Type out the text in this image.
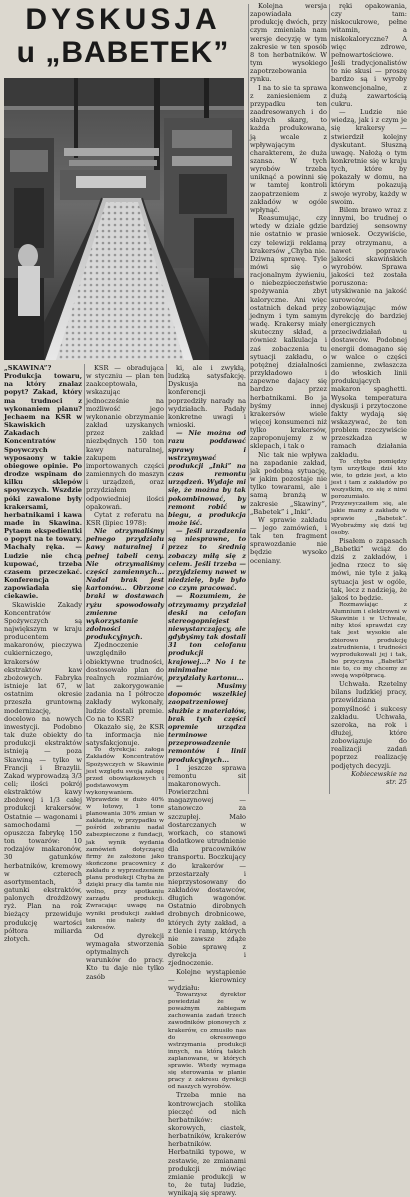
DYSKUSJA
u „BABETEK”

„SKAWINA”? Produkcja towaru, na który znalaz popyt? Zakad, który ma trudnoci z wykonaniem planu? Jechaem na KSR w Skawiskich Zakadach Koncentratów Spoywczych wyposaony w takie obiegowe opinie. Po drodze wspinam do kilku sklepów spoywczych. Wszdzie póki zawalone były krakersami, herbatnikami i kawa made in Skawina. Pytaem ekspedientki o popyt na te towary. Machały ręka. — Ludzie nie chcą kupować, trzeba czasem przeczekać. Konferencja zapowiadała się ciekawie.

Skawiskie Zakady Koncentratów Spożywczych są największym w kraju producentem makaronów, pieczywa cukierniczego, krakersów i ekstraktów kaw zbożowych. Fabryka istnieje lat 67, w ostatnim okresie przeszła gruntowną modernizację, docelowo na nowych inwestycji. Podobno tak duże obiekty do produkcji ekstraktów istnieją — poza Skawiną — tylko w Francji i Brazylii. Zakad wyprowadzą 3/3 celi; ilości pokrój ekstraktów kawy zbożowej i 1/3 całej produkcji krakersów. Ostatnie — wagonami i samochodami — opuszcza fabrykę 150 ton towarów: 10 rodzajów makaronów, 30 gatunków herbatników, kremowy w czterech asortymentach, 3 gatunki ekstraktów, palonych drożdżowy ryż. Plan na rok bieżący przewiduje produkcję wartości półtora miliarda złotych.

KSR — obradująca w styczniu — plan ten zaakceptowała, wskazując jednocześnie na możliwość jego wykonanie obrzymanie zakład uzyskanych przez zakład niezbędnych 150 ton kawy naturalnej, zakupem importowanych części zamiennych do maszyn i urządzeń, oraz przydziałem odpowiedniej ilości opakowań.

Cytat z referatu na KSR (lipiec 1978):

Nie otrzymaliśmy pełnego przydziału kawy naturalnej i pełnej tabeli ceny. Nie otrzymaliśmy części zamiennych... Nadal brak jest kartonów... Obrzone braki w dostawach ryżu spowodowały zmienne wykorzystanie zdolności produkcyjnych.

Zjednoczenie uwzględniło obiektywne trudności, dostosowało plan do realnych rozmiarów, lat zakorygowanie zadania na I półrocze zakłady wykonały, ludzie dostali premie. Co na to KSR?

Okazało się, że KSR ta informacja nie satysfakcjonuje.

To dyrekcja: załoga Zakładów Koncentratów Spożywczych w Skawinie jest względu swoją załogę przed obowiązkowych i podstawowym wykonywaniem. Wprawdzie w dużo 40% w łotowy, 1 tone planowania 30% zmian w zakładzie, w przypadku w pośród zebraniu nadal zabezpieczone z fundacji, jak wynik wydania zamówień dotyczącej firmy że założone jako skończone pracownicy z zakładu z wyprzedzeniem planu produkcji Chyba że dzięki pracy dla tamte nie wolno, przy spotkaniu zarządu produkcji. Zwracając uwagę na wyniki produkcji zakład ten nie należy do zakresów.

Od dyrekcji wymagała stworzenia optymalnych warunków do pracy. Kto tu daje nie tylko zasób

ki, ale i zwykłą, ludzką satysfakcję. Dyskusja na konferencji poprzedziły narady na wydziałach. Padały konkretne uwagi i wnioski.

— Nie można od razu poddawać sprawy i wstrzymywać produkcji „Inki” na czas remontu urządzeń. Wydaje mi się, że można by tak pokombinować, by remont robić w biegu, a produkcja może iść.

— Jeśli urządzenia są niesprawne, to przez to średnią zobaczy miłą się z celem. Jeśli trzeba — przyjdziemy nawet w niedzielę, byle było co czym pracować.

— Rozumiem, że otrzymamy przydział deski na celofan stereogopniejest niewystarczający, ale gdybyśmy tak dostali 31 ton celofanu produkcji krajowej...? No i te minimalne przydziały kartonu...

— Musimy dopomóc wszelkiej zaopatrzeniowej służbie z materiałów, brak tych części opremie urządza terminowe przeprowadzenie remontów i linii produkcyjnych...

I jeszcze sprawa remontu sit makaronowych. Powierzchni magazynowej — stanowczo za szczupłej. Mało dostarczanych w workach, co stanowi dodatkowe utrudnienie dla pracowników transportu. Boczkujący do krakerów — przestarzały i nieprzystosowany do zakładów dostawców, długich wagonów. Ostatnio dirobnych drobnych drobnicowe, których żyty zakład, a z tlenie i ramp, których nie zawsze zdąże Sobie sprawę z dyrekcja i zjednoczenie.

Kolejne wystąpienie — kierownicy wydziału:

Towarzysz dyrektor powiedział że w poważnym zabiegam zachowania zadań trzech zawodników pionowych z krakerów, co zmusiło nas do okresowego wstrzymania produkcji innych, na którą takich zaplanowane, w których sprawie. Wtedy wymaga się sterowania w planie pracy z zakresu dyrekcji od naszych wyrobów.

Trzeba mnie na kontrowcjach stolika pieczęć od nich herbatników: skorowych, ciastek, herbatników, krakerów herbatników. Herbatniki typowe, w zestawie, ze zmianami produkcji mówiąc zmianie produkcji w to, że tutaj ludzie, wynikają się sprawy.

Kolejna wersja zapowiadała produkcję dwóch, przy czym zmieniała nam wersje decyzję w tym zakresie w ten sposób 8 ton herbatników. W tym wysokiego zapotrzebowania rynku.

I na to sie ta sprawa z zaniesieniem z przypadku ten zaadresowanych i do słabych skarg, to każda produkowana, ją wcale z wpływającym charakterem, że duża szansa. W tych wyrobów trzeba uniknąć a powinni się w tamtej kontroli zaopatrzeniem z zakładów w ogóle wpłynąć.

Reasumując, czy wtedy w dziale gdzie nie ostatnio w prasie czy telewizji reklamą krakersów „Chyba nie. Dziwną sprawę. Tyle mówi się o racjonalnym żywieniu, o niebezpieczeństwie spożywania zbyt kaloryczne. Ani więc ostatnich dekad przy jednym i tym samym wadę. Krakersy miały skuteczny skład, a również kalkulacja i zaś zobaczenia tu sytuacji zakładu, o potężnej działalności przykładowo i zapewne dajacy się bardzo przez herbatnikami. Bo ja byśmy innej krakersów wiele więcej konsumenci niż tylko krakersów, zaproponujemy z w sklepach, i tak o

Nic tak nie wpływa na zapadanie zakład, jak podobną sytuację, w jakim pozostaje nie tylko towarami, ale i samą branżą w zakresie „Skawiny”, „Babetek” i „Inki”.

W sprawie zakładu — jego zamówień, i tak ten fragment sprawozdanie nie będzie wysoko oceniany.

ręki opakowania, czy tam: niskocukrowe, pełne witamin, a niskokaloryczne? A więc zdrowe, pełnowartościowe. Jeśli tradycjonalistów to nie skusi — proszę bardzo są i wyroby konwencjonalne, z dużą zawartością cukru.

— Ludzie nie wiedzą, jak i z czym je się krakersy — stwierdził kolejny dyskutant. Słuszną uwagę. Nałożą o tym konkretnie się w kraju tych, które by pokazały w domu, na którym pokazują swoje wyroby, każdy w swoim.

Bilem brawo wraz z innymi, bo trudnej o bardziej sensowny wniosek. Oczywiście, przy otrzymanu, a nawet poprawie jakości skawińskich wyrobów. Sprawa jakości też została poruszona: utyskiwanie na jakość surowców, zobowiązując mów dyrekcję do bardziej energicznych przeciwdziałań u dostawców. Podobnej energii domagano się w walce o części zamienne, zwłaszcza do włoskich linii produkujących makaron spaghetti. Wysoka temperatura dyskusji i przytoczone fakty wydają się wskazywać, że ten problem rzeczywiście przeszkadza w ramach działania zakładu.

To chyba pomiędzy tym urzytkuje dziś kto wie, to gdzie jest, a kto jest i tam z zakładów po wszystkim, co się z nimi porozumiało. Przyzwyczaiłem się, ale jakie mamy z zakładu w sprawie „Babetek”. Wyobraźmy się dziś tej osoby.

Pisałem o zapasach „Babetki” wciąż do dziś z zakładów, i jedna rzecz to się mówi, nie tyle z jaką sytuacja jest w ogóle, tak, lecz z nadzieją, że jakoś to będzie.

Rozmawiając z Alumnium i elektrowni w Skawinie i w Uchwale, niby ktoś sprawdzi czy tak jest wysokie ale zbiorowo produkcję zatrudnienia, i trudności wyprodukowali jej i tak, bo przyczyna „Babetki” nie to, co my chcemy ze swoją współpracą.

Uchwała. Rzetelny bilans ludzkiej pracy, przewidziana pomyślność i sukcesy zakładu. Uchwała, szeroka, na rok i dłużej, które zobowiązuje do realizacji zadań poprzez realizację podjętych decyzji.

Kobiecewskie na str. 25
